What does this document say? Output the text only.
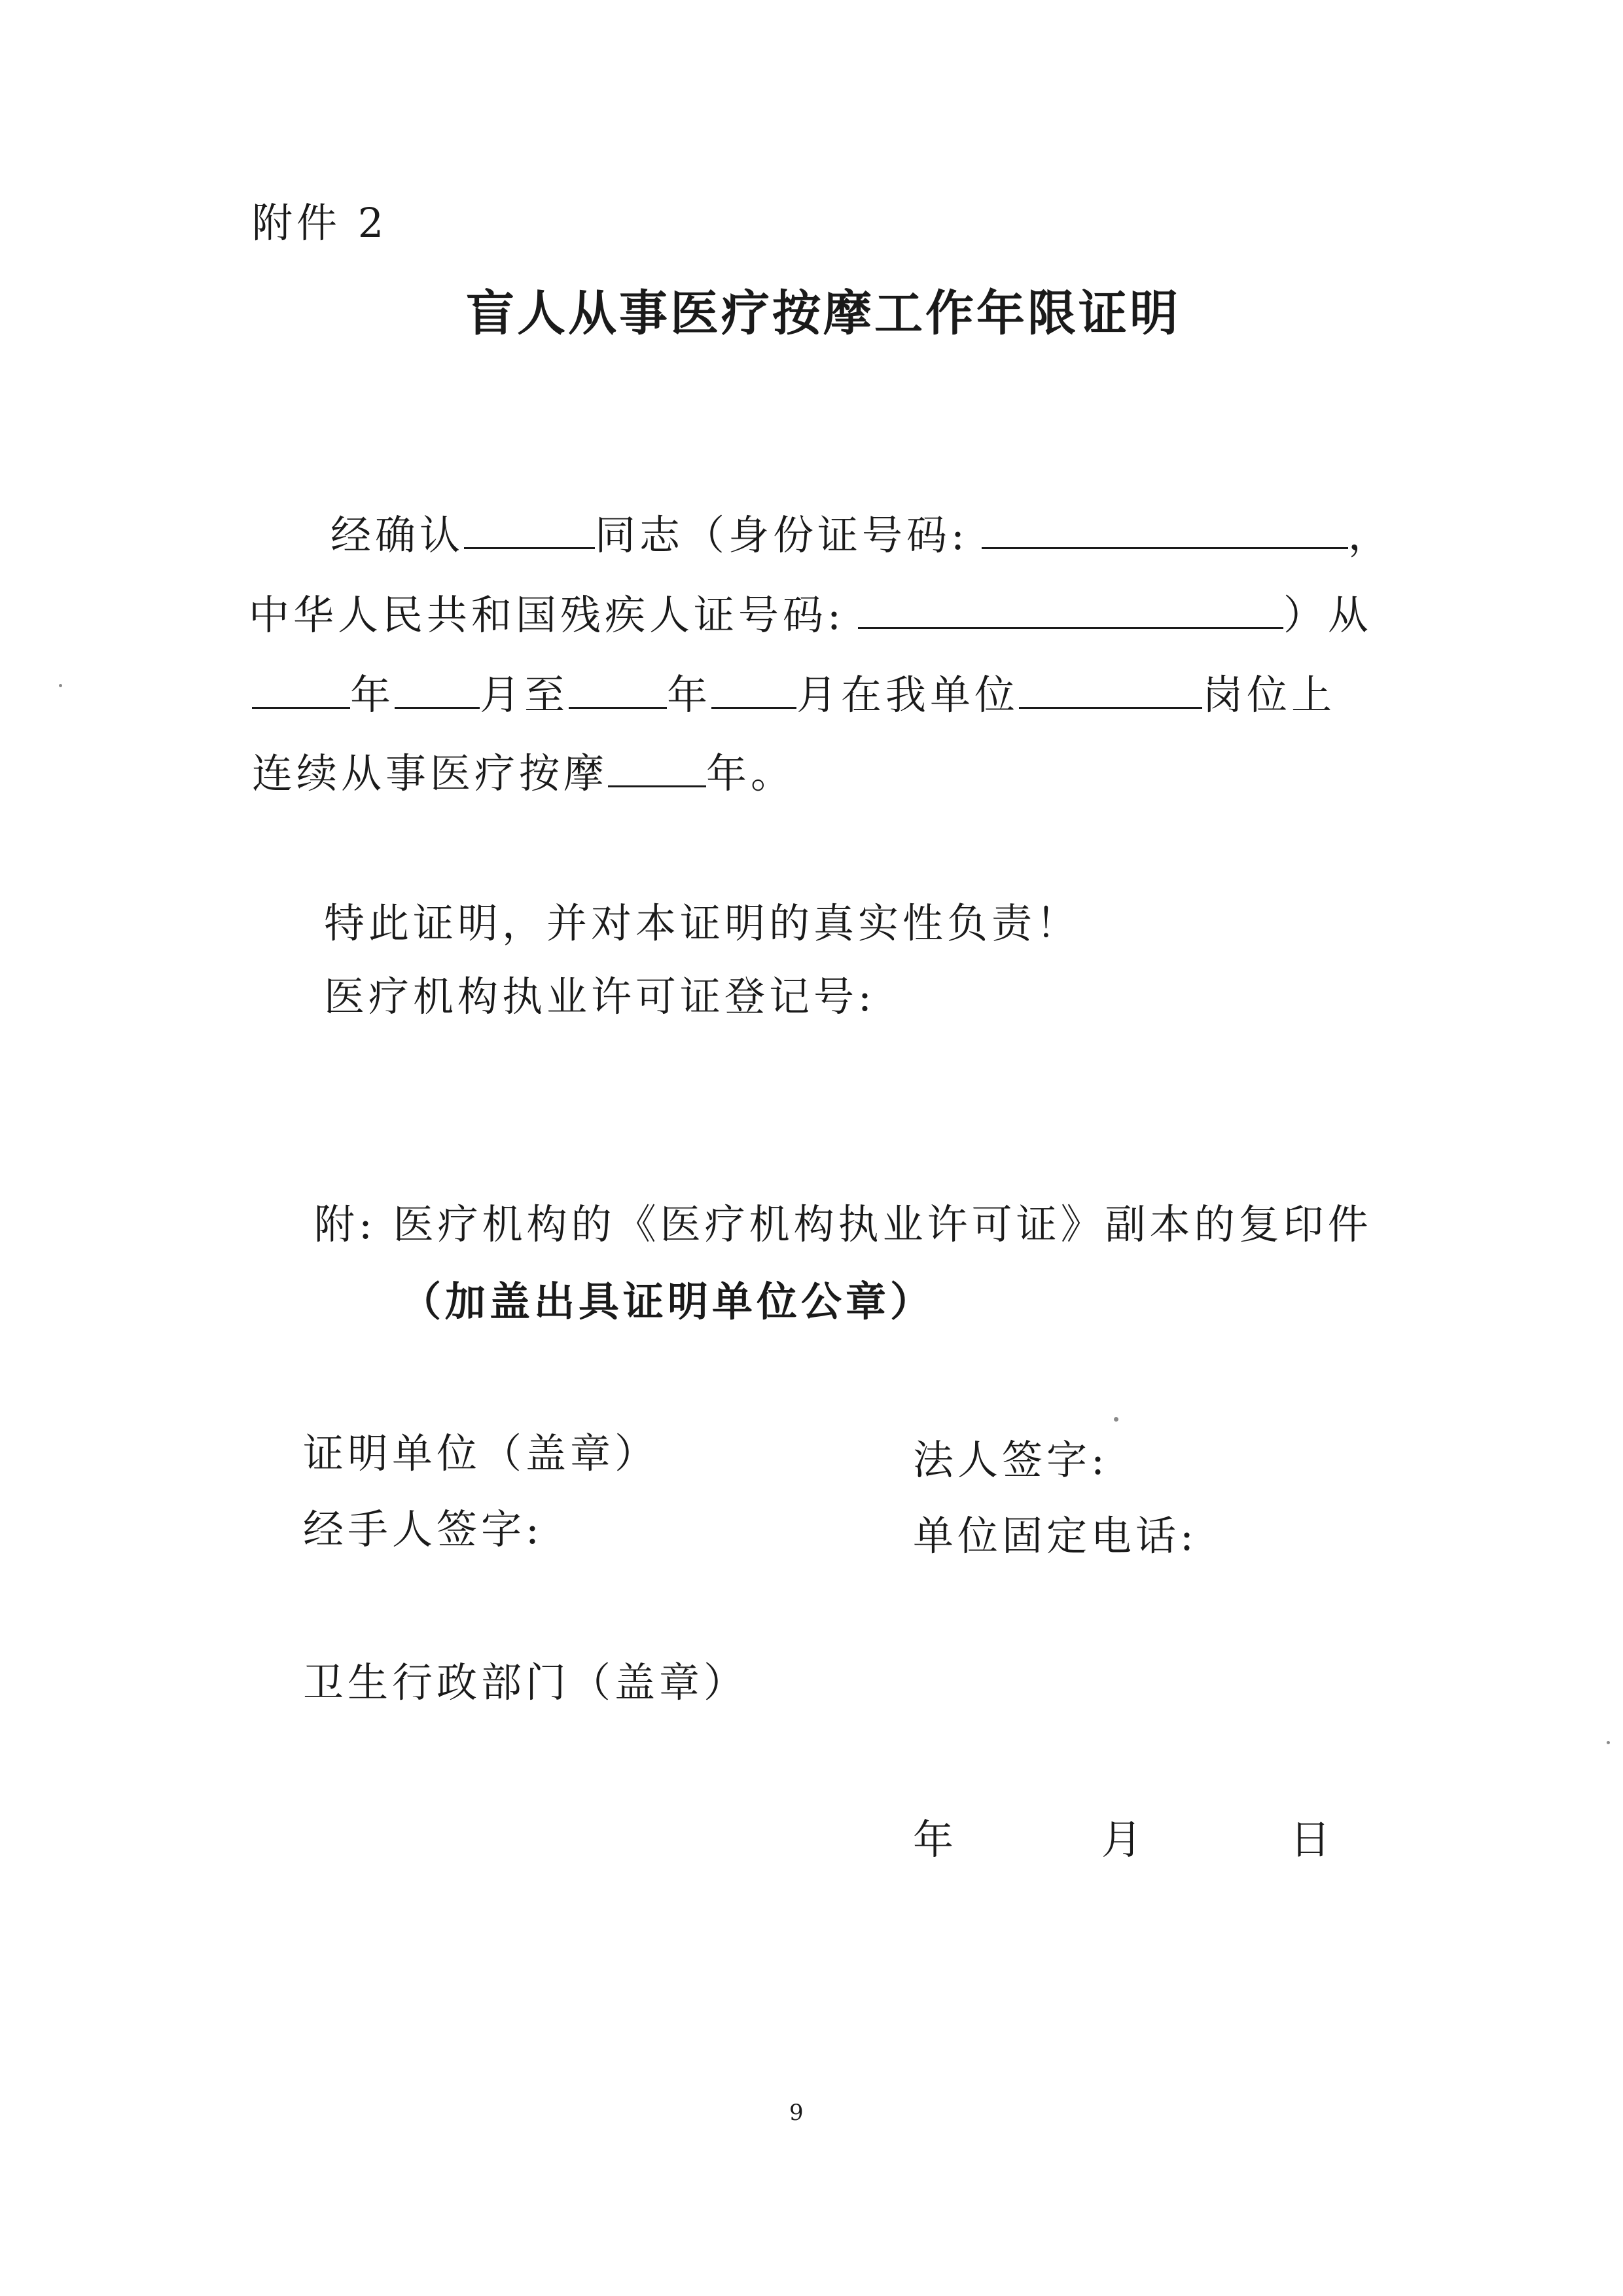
附件 2
盲人从事医疗按摩工作年限证明
经确认	同志（身份证号码:	，
中华人民共和国残疾人证号码:	）从
年 月至 年 月在我单位	岗位上
连续从事医疗按摩 年。
特此证明，并对本证明的真实性负责！
医疗机构执业许可证登记号:
附: 医疗机构的《医疗机构执业许可证》副本的复印件
（加盖出具证明单位公章）
证明单位（盖章）	法人签字:
经手人签字:	单位固定电话:
卫生行政部门（盖章）
年　　月　　日
9
